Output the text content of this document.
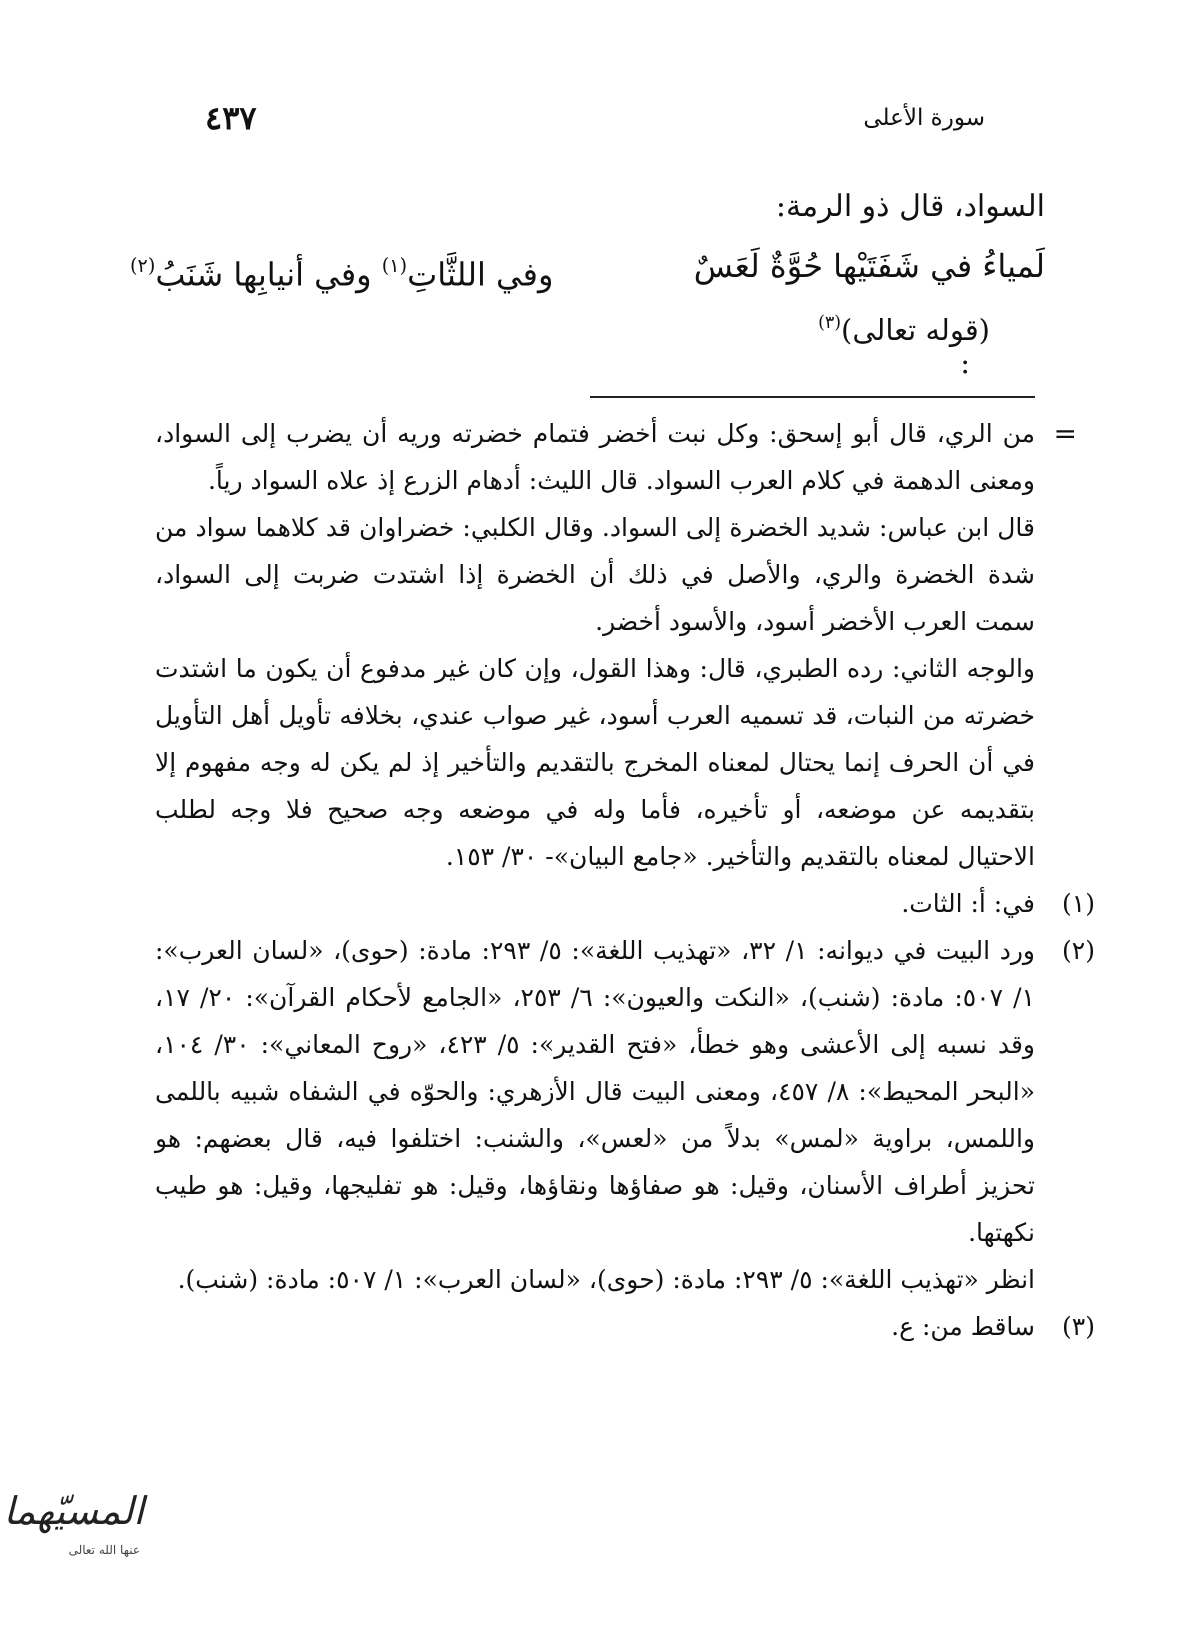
سورة الأعلى
٤٣٧
السواد، قال ذو الرمة:
لَمياءُ في شَفَتَيْها حُوَّةٌ لَعَسٌ
وفي اللثَّاتِ$^{(١)}$ وفي أنيابِها شَنَبُ$^{(٢)}$
(قوله تعالى)$^{(٣)}$
:
=

من الري، قال أبو إسحق: وكل نبت أخضر فتمام خضرته وريه أن يضرب إلى السواد، ومعنى الدهمة في كلام العرب السواد. قال الليث: أدهام الزرع إذ علاه السواد رياً.

قال ابن عباس: شديد الخضرة إلى السواد. وقال الكلبي: خضراوان قد كلاهما سواد من شدة الخضرة والري، والأصل في ذلك أن الخضرة إذا اشتدت ضربت إلى السواد، سمت العرب الأخضر أسود، والأسود أخضر.

والوجه الثاني: رده الطبري، قال: وهذا القول، وإن كان غير مدفوع أن يكون ما اشتدت خضرته من النبات، قد تسميه العرب أسود، غير صواب عندي، بخلافه تأويل أهل التأويل في أن الحرف إنما يحتال لمعناه المخرج بالتقديم والتأخير إذ لم يكن له وجه مفهوم إلا بتقديمه عن موضعه، أو تأخيره، فأما وله في موضعه وجه صحيح فلا وجه لطلب الاحتيال لمعناه بالتقديم والتأخير. «جامع البيان»- ٣٠/ ١٥٣.

(١)

في: أ: الثات.

(٢)

ورد البيت في ديوانه: ١/ ٣٢، «تهذيب اللغة»: ٥/ ٢٩٣: مادة: (حوى)، «لسان العرب»: ١/ ٥٠٧: مادة: (شنب)، «النكت والعيون»: ٦/ ٢٥٣، «الجامع لأحكام القرآن»: ٢٠/ ١٧، وقد نسبه إلى الأعشى وهو خطأ، «فتح القدير»: ٥/ ٤٢٣، «روح المعاني»: ٣٠/ ١٠٤، «البحر المحيط»: ٨/ ٤٥٧، ومعنى البيت قال الأزهري: والحوّه في الشفاه شبيه باللمى واللمس، براوية «لمس» بدلاً من «لعس»، والشنب: اختلفوا فيه، قال بعضهم: هو تحزيز أطراف الأسنان، وقيل: هو صفاؤها ونقاؤها، وقيل: هو تفليجها، وقيل: هو طيب نكهتها.

انظر «تهذيب اللغة»: ٥/ ٢٩٣: مادة: (حوى)، «لسان العرب»: ١/ ٥٠٧: مادة: (شنب).

(٣)

ساقط من: ع.

المسيّهما
عنها الله تعالى
